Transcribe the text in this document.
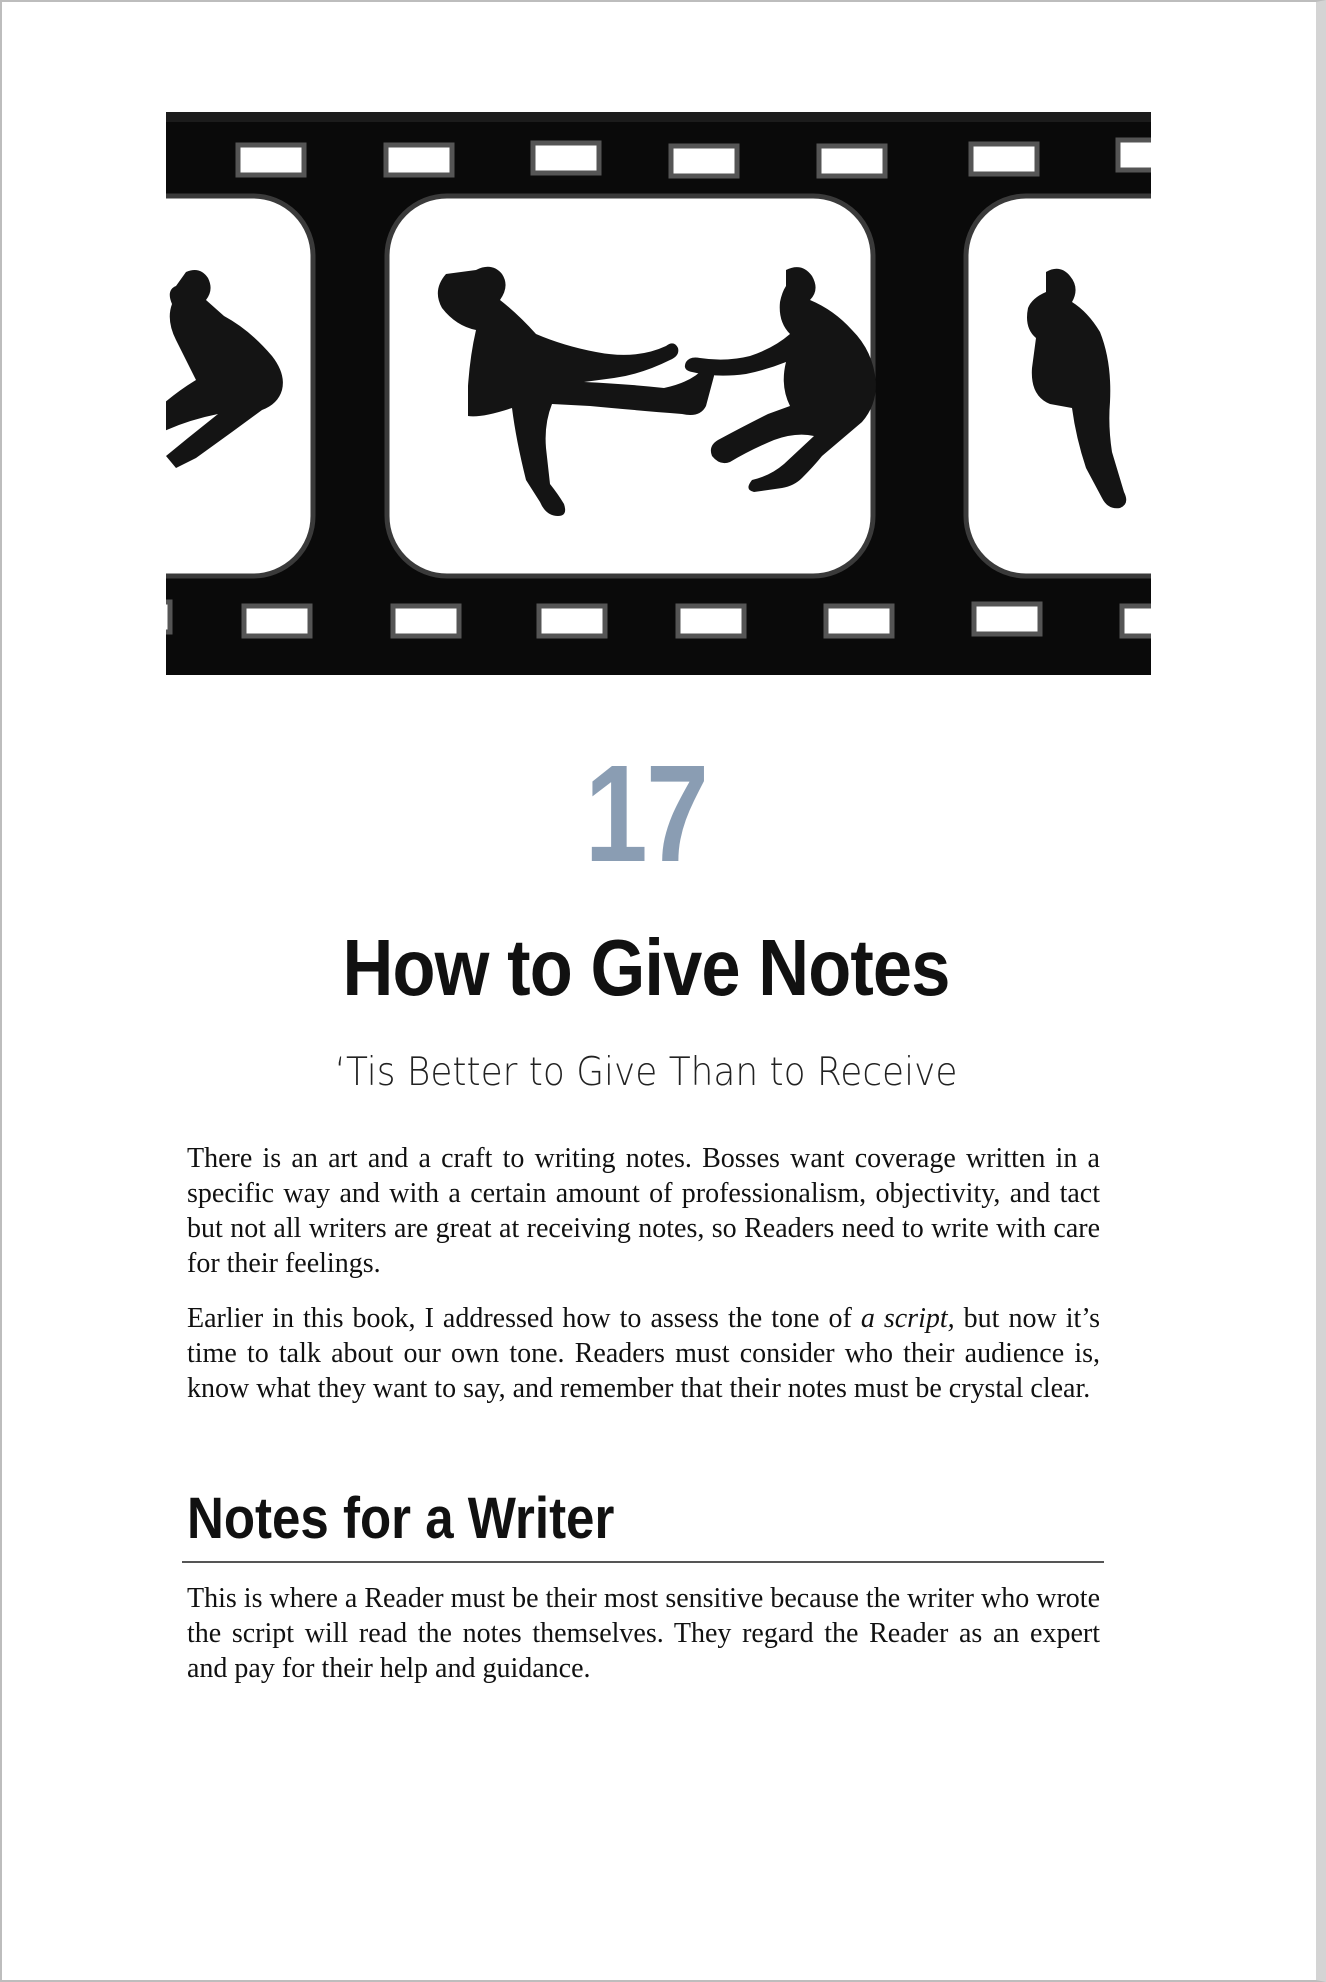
17
How to Give Notes
‘Tis Better to Give Than to Receive

There is an art and a craft to writing notes. Bosses want coverage written in a specific way and with a certain amount of professionalism, objectivity, and tact but not all writers are great at receiving notes, so Readers need to write with care for their feelings.

Earlier in this book, I addressed how to assess the tone of a script, but now it’s time to talk about our own tone. Readers must consider who their audience is, know what they want to say, and remember that their notes must be crystal clear.

Notes for a Writer

This is where a Reader must be their most sensitive because the writer who wrote the script will read the notes themselves. They regard the Reader as an expert and pay for their help and guidance.
